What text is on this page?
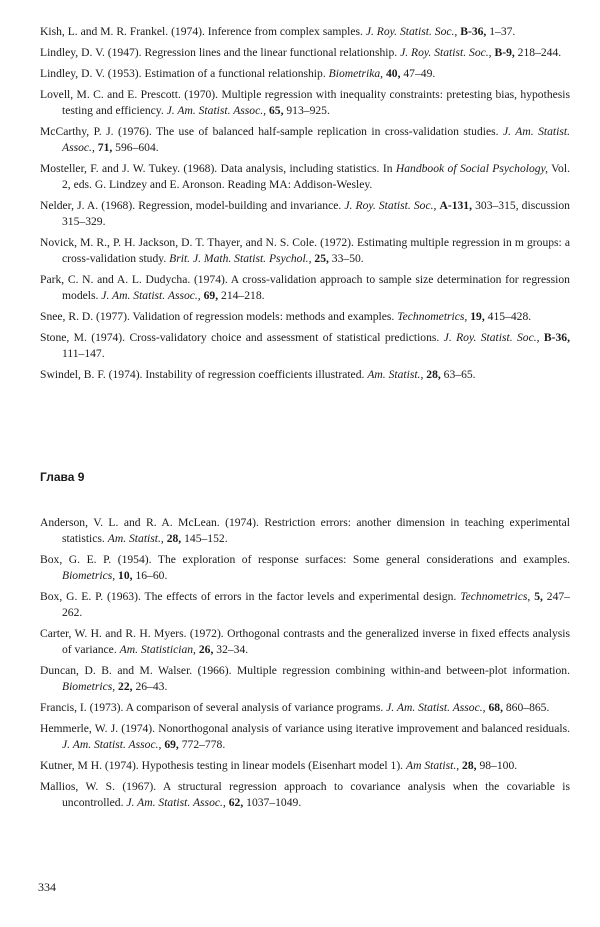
Kish, L. and M. R. Frankel. (1974). Inference from complex samples. J. Roy. Statist. Soc., B-36, 1–37.
Lindley, D. V. (1947). Regression lines and the linear functional relationship. J. Roy. Statist. Soc., B-9, 218–244.
Lindley, D. V. (1953). Estimation of a functional relationship. Biometrika, 40, 47–49.
Lovell, M. C. and E. Prescott. (1970). Multiple regression with inequality constraints: pretesting bias, hypothesis testing and efficiency. J. Am. Statist. Assoc., 65, 913–925.
McCarthy, P. J. (1976). The use of balanced half-sample replication in cross-validation studies. J. Am. Statist. Assoc., 71, 596–604.
Mosteller, F. and J. W. Tukey. (1968). Data analysis, including statistics. In Handbook of Social Psychology, Vol. 2, eds. G. Lindzey and E. Aronson. Reading MA: Addison-Wesley.
Nelder, J. A. (1968). Regression, model-building and invariance. J. Roy. Statist. Soc., A-131, 303–315, discussion 315–329.
Novick, M. R., P. H. Jackson, D. T. Thayer, and N. S. Cole. (1972). Estimating multiple regression in m groups: a cross-validation study. Brit. J. Math. Statist. Psychol., 25, 33–50.
Park, C. N. and A. L. Dudycha. (1974). A cross-validation approach to sample size determination for regression models. J. Am. Statist. Assoc., 69, 214–218.
Snee, R. D. (1977). Validation of regression models: methods and examples. Technometrics, 19, 415–428.
Stone, M. (1974). Cross-validatory choice and assessment of statistical predictions. J. Roy. Statist. Soc., B-36, 111–147.
Swindel, B. F. (1974). Instability of regression coefficients illustrated. Am. Statist., 28, 63–65.
Глава 9
Anderson, V. L. and R. A. McLean. (1974). Restriction errors: another dimension in teaching experimental statistics. Am. Statist., 28, 145–152.
Box, G. E. P. (1954). The exploration of response surfaces: Some general considerations and examples. Biometrics, 10, 16–60.
Box, G. E. P. (1963). The effects of errors in the factor levels and experimental design. Technometrics, 5, 247–262.
Carter, W. H. and R. H. Myers. (1972). Orthogonal contrasts and the generalized inverse in fixed effects analysis of variance. Am. Statistician, 26, 32–34.
Duncan, D. B. and M. Walser. (1966). Multiple regression combining within-and between-plot information. Biometrics, 22, 26–43.
Francis, I. (1973). A comparison of several analysis of variance programs. J. Am. Statist. Assoc., 68, 860–865.
Hemmerle, W. J. (1974). Nonorthogonal analysis of variance using iterative improvement and balanced residuals. J. Am. Statist. Assoc., 69, 772–778.
Kutner, M H. (1974). Hypothesis testing in linear models (Eisenhart model 1). Am Statist., 28, 98–100.
Mallios, W. S. (1967). A structural regression approach to covariance analysis when the covariable is uncontrolled. J. Am. Statist. Assoc., 62, 1037–1049.

334
